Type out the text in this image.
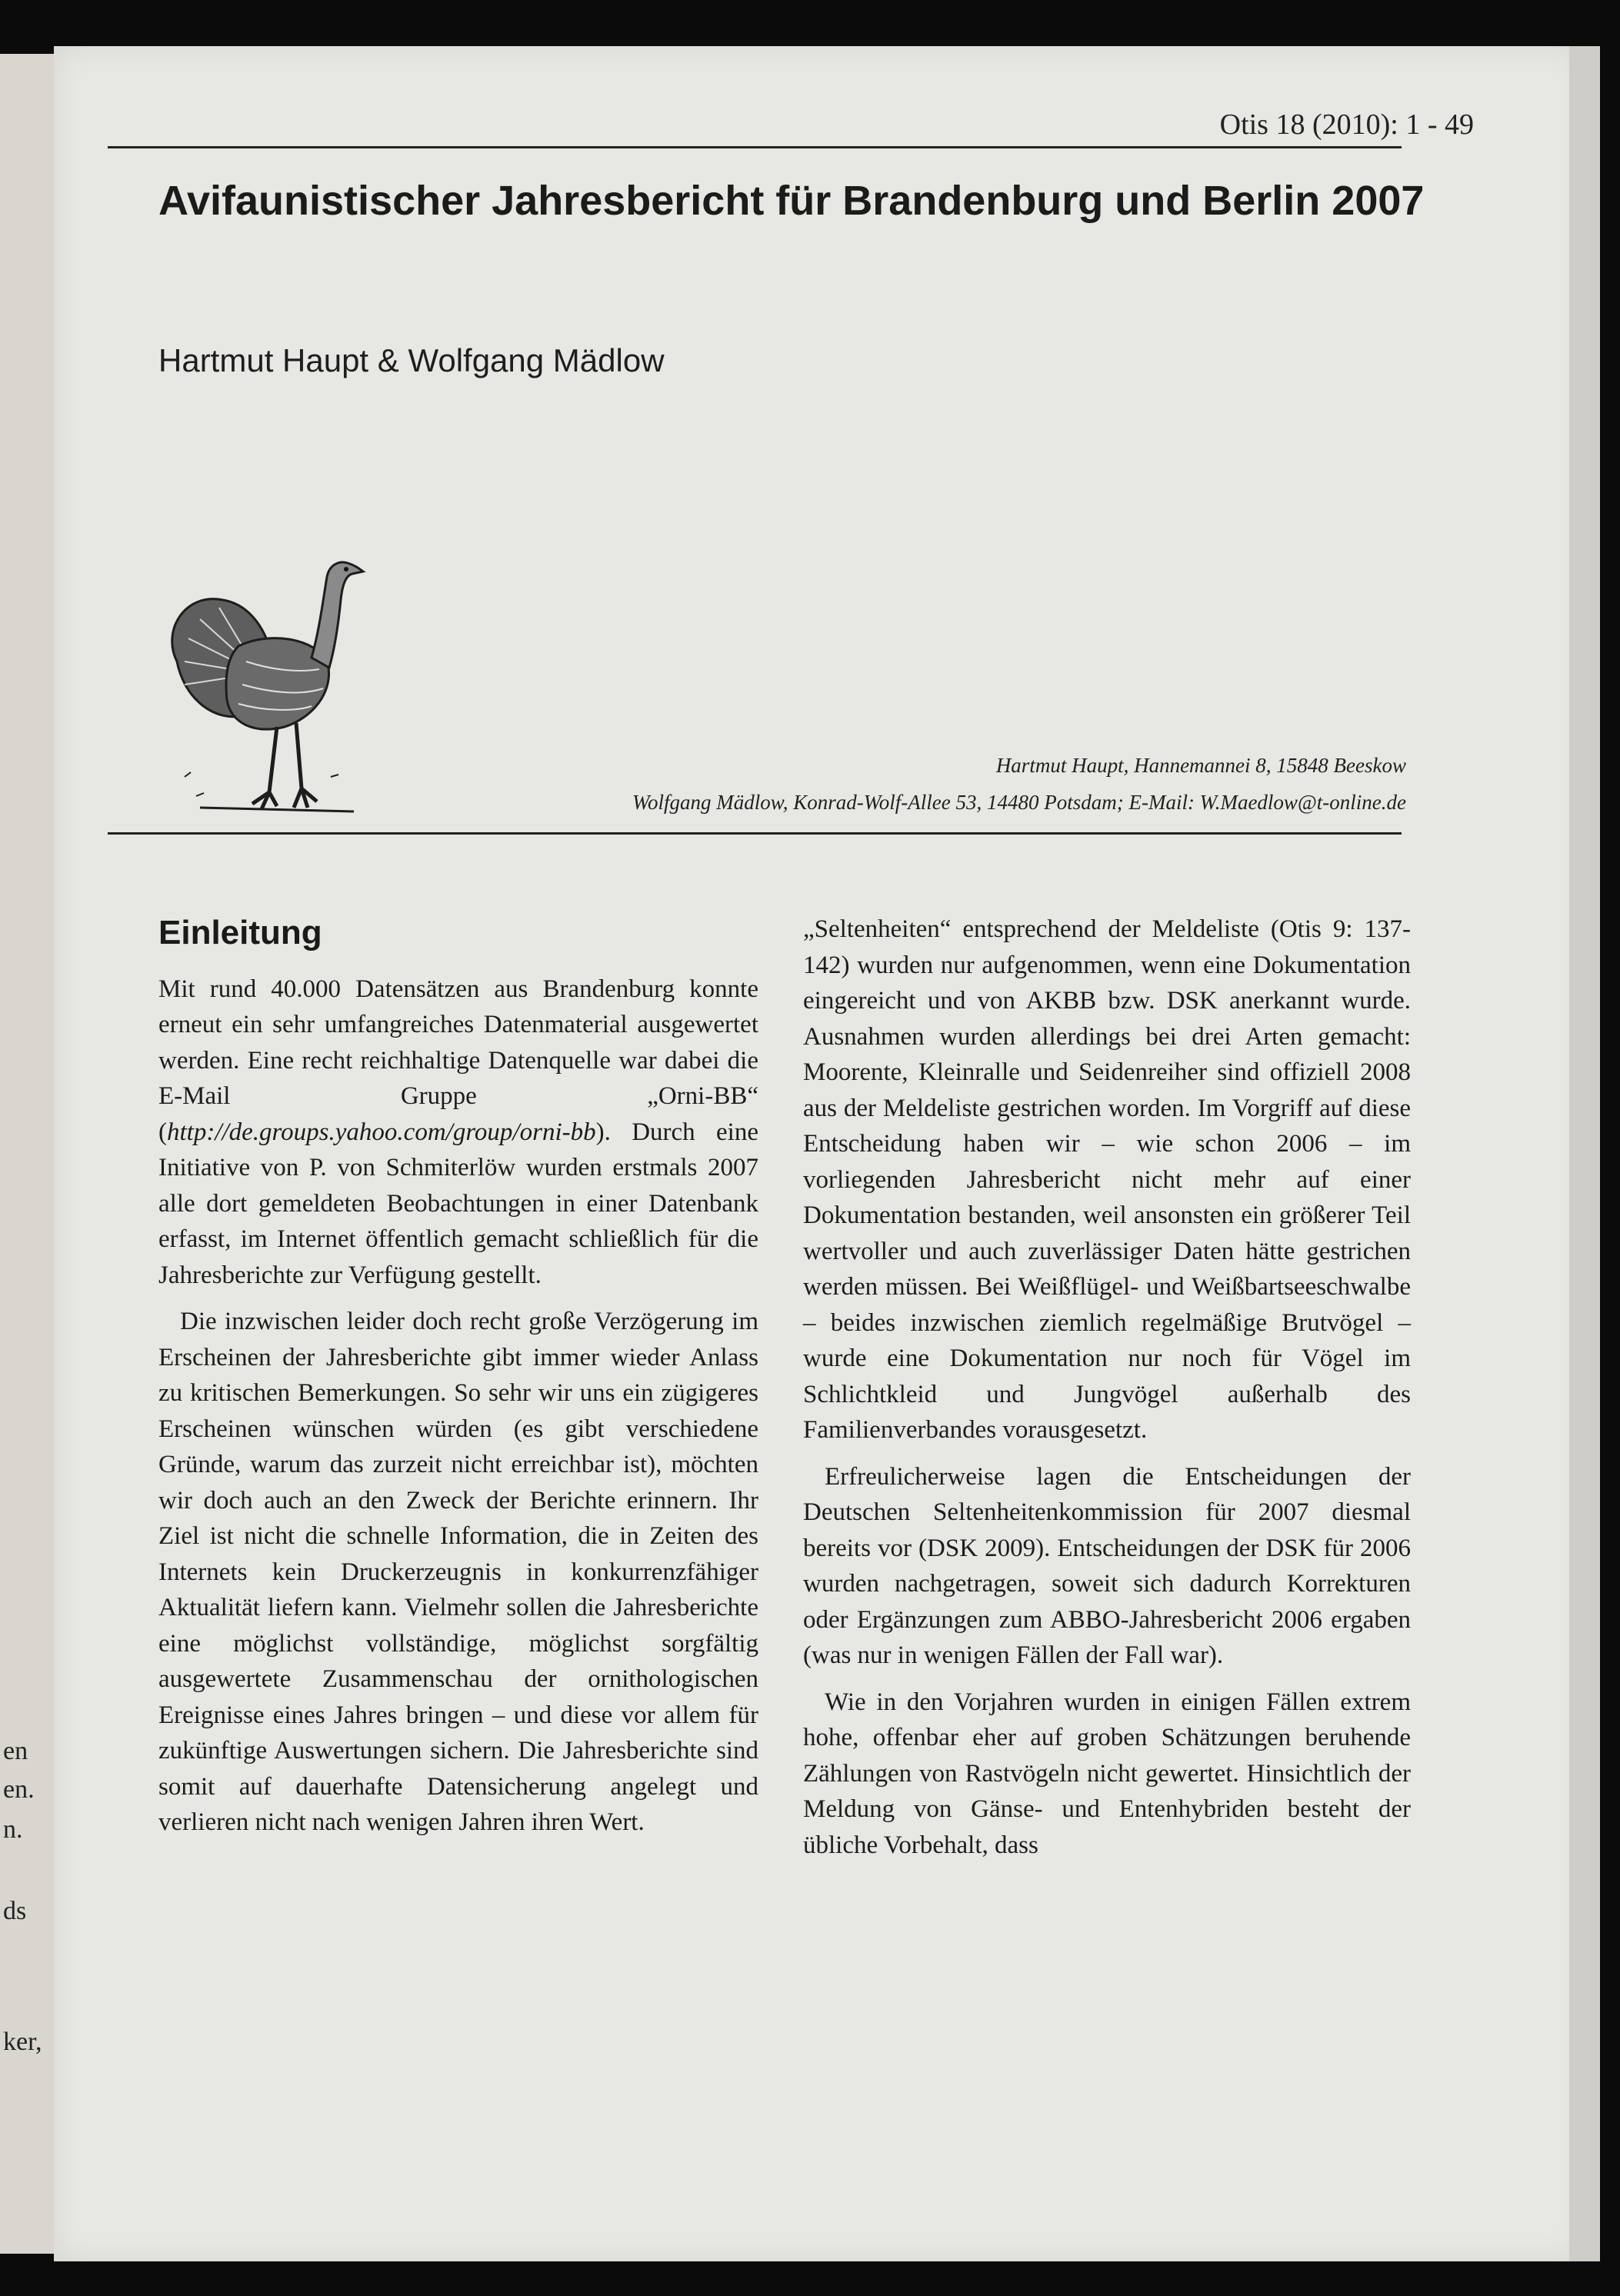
en
en.
n.
ds
ker,
Otis 18 (2010): 1 - 49
Avifaunistischer Jahresbericht für Brandenburg und Berlin 2007
Hartmut Haupt & Wolfgang Mädlow
Hartmut Haupt, Hannemannei 8, 15848 Beeskow
Wolfgang Mädlow, Konrad-Wolf-Allee 53, 14480 Potsdam; E-Mail: W.Maedlow@t-online.de
Einleitung

Mit rund 40.000 Datensätzen aus Brandenburg konnte erneut ein sehr umfangreiches Datenmaterial ausgewertet werden. Eine recht reichhaltige Datenquelle war dabei die E-Mail Gruppe „Orni-BB“ (http://de.groups.yahoo.com/group/orni-bb). Durch eine Initiative von P. von Schmiterlöw wurden erstmals 2007 alle dort gemeldeten Beobachtungen in einer Datenbank erfasst, im Internet öffentlich gemacht schließlich für die Jahresberichte zur Verfügung gestellt.

Die inzwischen leider doch recht große Verzögerung im Erscheinen der Jahresberichte gibt immer wieder Anlass zu kritischen Bemerkungen. So sehr wir uns ein zügigeres Erscheinen wünschen würden (es gibt verschiedene Gründe, warum das zurzeit nicht erreichbar ist), möchten wir doch auch an den Zweck der Berichte erinnern. Ihr Ziel ist nicht die schnelle Information, die in Zeiten des Internets kein Druckerzeugnis in konkurrenzfähiger Aktualität liefern kann. Vielmehr sollen die Jahresberichte eine möglichst vollständige, möglichst sorgfältig ausgewertete Zusammenschau der ornithologischen Ereignisse eines Jahres bringen – und diese vor allem für zukünftige Auswertungen sichern. Die Jahresberichte sind somit auf dauerhafte Datensicherung angelegt und verlieren nicht nach wenigen Jahren ihren Wert.

„Seltenheiten“ entsprechend der Meldeliste (Otis 9: 137-142) wurden nur aufgenommen, wenn eine Dokumentation eingereicht und von AKBB bzw. DSK anerkannt wurde. Ausnahmen wurden allerdings bei drei Arten gemacht: Moorente, Kleinralle und Seidenreiher sind offiziell 2008 aus der Meldeliste gestrichen worden. Im Vorgriff auf diese Entscheidung haben wir – wie schon 2006 – im vorliegenden Jahresbericht nicht mehr auf einer Dokumentation bestanden, weil ansonsten ein größerer Teil wertvoller und auch zuverlässiger Daten hätte gestrichen werden müssen. Bei Weißflügel- und Weißbartseeschwalbe – beides inzwischen ziemlich regelmäßige Brutvögel – wurde eine Dokumentation nur noch für Vögel im Schlichtkleid und Jungvögel außerhalb des Familienverbandes vorausgesetzt.

Erfreulicherweise lagen die Entscheidungen der Deutschen Seltenheitenkommission für 2007 diesmal bereits vor (DSK 2009). Entscheidungen der DSK für 2006 wurden nachgetragen, soweit sich dadurch Korrekturen oder Ergänzungen zum ABBO-Jahresbericht 2006 ergaben (was nur in wenigen Fällen der Fall war).

Wie in den Vorjahren wurden in einigen Fällen extrem hohe, offenbar eher auf groben Schätzungen beruhende Zählungen von Rastvögeln nicht gewertet. Hinsichtlich der Meldung von Gänse- und Entenhybriden besteht der übliche Vorbehalt, dass
